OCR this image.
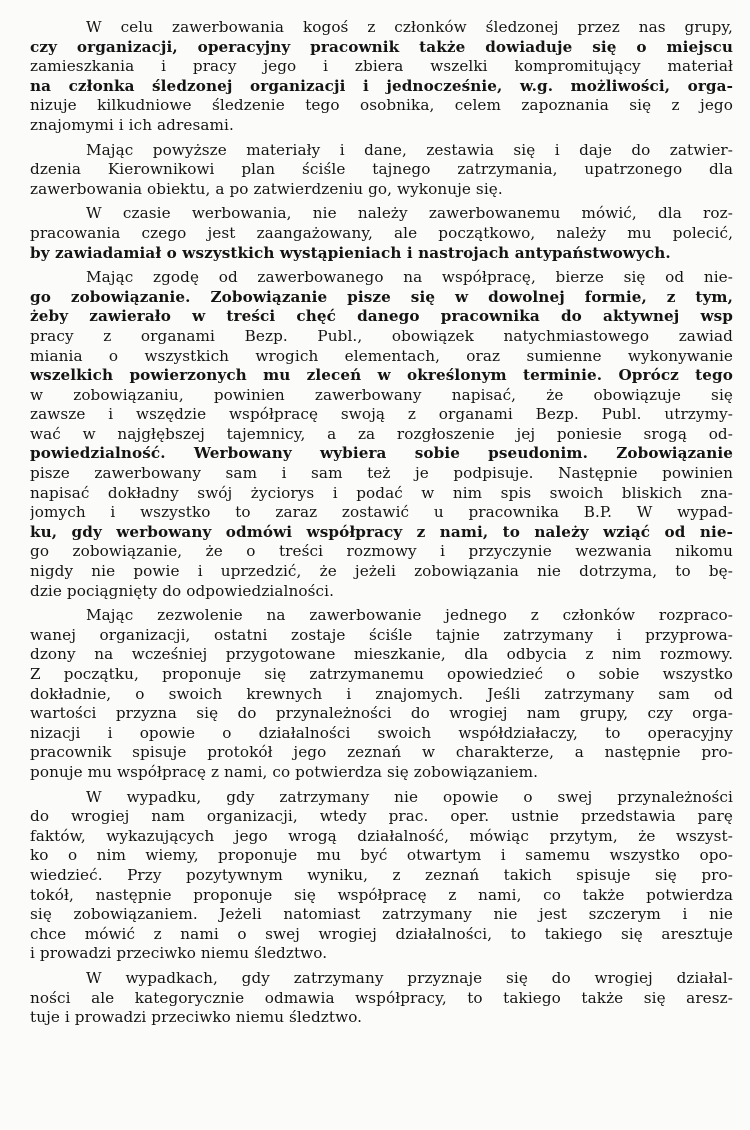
W celu zawerbowania kogoś z członków śledzonej przez nas grupy,
czy organizacji, operacyjny pracownik także dowiaduje się o miejscu
zamieszkania i pracy jego i zbiera wszelki kompromitujący materiał
na członka śledzonej organizacji i jednocześnie, w.g. możliwości, orga-
nizuje kilkudniowe śledzenie tego osobnika, celem zapoznania się z jego
znajomymi i ich adresami.
Mając powyższe materiały i dane, zestawia się i daje do zatwier-
dzenia Kierownikowi plan ściśle tajnego zatrzymania, upatrzonego dla
zawerbowania obiektu, a po zatwierdzeniu go, wykonuje się.
W czasie werbowania, nie należy zawerbowanemu mówić, dla roz-
pracowania czego jest zaangażowany, ale początkowo, należy mu polecić,
by zawiadamiał o wszystkich wystąpieniach i nastrojach antypaństwowych.
Mając zgodę od zawerbowanego na współpracę, bierze się od nie-
go zobowiązanie. Zobowiązanie pisze się w dowolnej formie, z tym,
żeby zawierało w treści chęć danego pracownika do aktywnej wsp
pracy z organami Bezp. Publ., obowiązek natychmiastowego zawiad
miania o wszystkich wrogich elementach, oraz sumienne wykonywanie
wszelkich powierzonych mu zleceń w określonym terminie. Oprócz tego
w zobowiązaniu, powinien zawerbowany napisać, że obowiązuje się
zawsze i wszędzie współpracę swoją z organami Bezp. Publ. utrzymy-
wać w najgłębszej tajemnicy, a za rozgłoszenie jej poniesie srogą od-
powiedzialność. Werbowany wybiera sobie pseudonim. Zobowiązanie
pisze zawerbowany sam i sam też je podpisuje. Następnie powinien
napisać dokładny swój życiorys i podać w nim spis swoich bliskich zna-
jomych i wszystko to zaraz zostawić u pracownika B.P. W wypad-
ku, gdy werbowany odmówi współpracy z nami, to należy wziąć od nie-
go zobowiązanie, że o treści rozmowy i przyczynie wezwania nikomu
nigdy nie powie i uprzedzić, że jeżeli zobowiązania nie dotrzyma, to bę-
dzie pociągnięty do odpowiedzialności.
Mając zezwolenie na zawerbowanie jednego z członków rozpraco-
wanej organizacji, ostatni zostaje ściśle tajnie zatrzymany i przyprowa-
dzony na wcześniej przygotowane mieszkanie, dla odbycia z nim rozmowy.
Z początku, proponuje się zatrzymanemu opowiedzieć o sobie wszystko
dokładnie, o swoich krewnych i znajomych. Jeśli zatrzymany sam od
wartości przyzna się do przynależności do wrogiej nam grupy, czy orga-
nizacji i opowie o działalności swoich współdziałaczy, to operacyjny
pracownik spisuje protokół jego zeznań w charakterze, a następnie pro-
ponuje mu współpracę z nami, co potwierdza się zobowiązaniem.
W wypadku, gdy zatrzymany nie opowie o swej przynależności
do wrogiej nam organizacji, wtedy prac. oper. ustnie przedstawia parę
faktów, wykazujących jego wrogą działalność, mówiąc przytym, że wszyst-
ko o nim wiemy, proponuje mu być otwartym i samemu wszystko opo-
wiedzieć. Przy pozytywnym wyniku, z zeznań takich spisuje się pro-
tokół, następnie proponuje się współpracę z nami, co także potwierdza
się zobowiązaniem. Jeżeli natomiast zatrzymany nie jest szczerym i nie
chce mówić z nami o swej wrogiej działalności, to takiego się aresztuje
i prowadzi przeciwko niemu śledztwo.
W wypadkach, gdy zatrzymany przyznaje się do wrogiej działal-
ności ale kategorycznie odmawia współpracy, to takiego także się aresz-
tuje i prowadzi przeciwko niemu śledztwo.
